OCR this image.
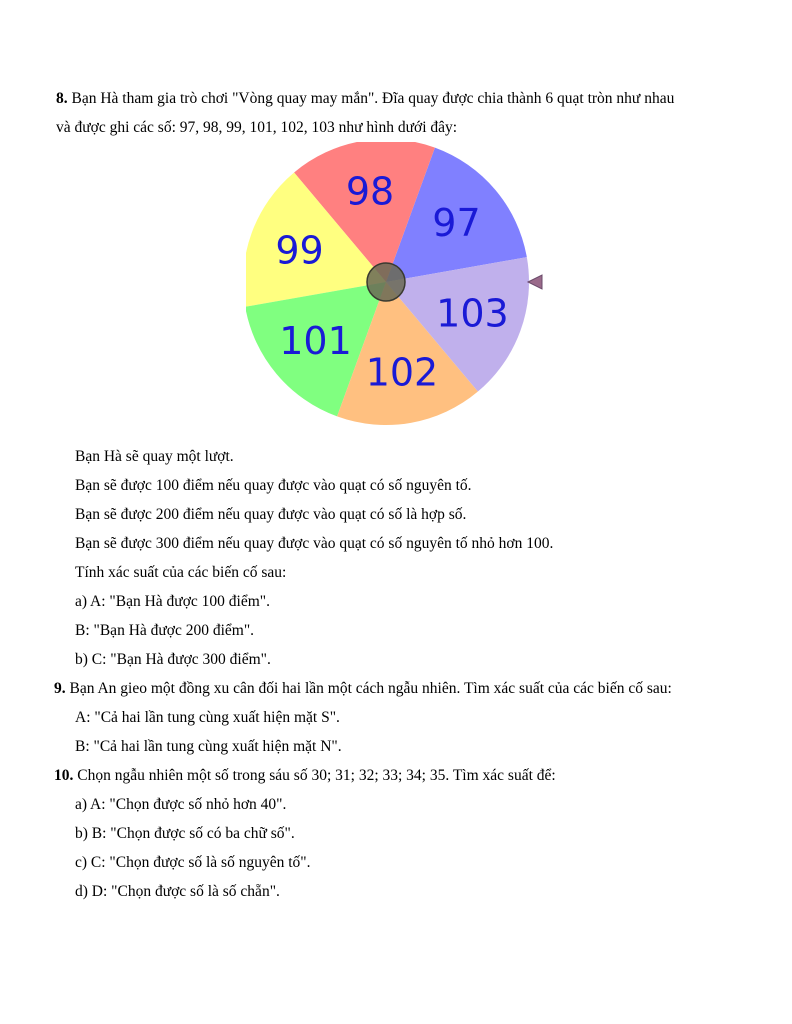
8. Bạn Hà tham gia trò chơi "Vòng quay may mắn". Đĩa quay được chia thành 6 quạt tròn như nhau
và được ghi các số: 97, 98, 99, 101, 102, 103 như hình dưới đây:
97
98
99
101
102
103
Bạn Hà sẽ quay một lượt.
Bạn sẽ được 100 điểm nếu quay được vào quạt có số nguyên tố.
Bạn sẽ được 200 điểm nếu quay được vào quạt có số là hợp số.
Bạn sẽ được 300 điểm nếu quay được vào quạt có số nguyên tố nhỏ hơn 100.
Tính xác suất của các biến cố sau:
a) A: "Bạn Hà được 100 điểm".
B: "Bạn Hà được 200 điểm".
b) C: "Bạn Hà được 300 điểm".
9. Bạn An gieo một đồng xu cân đối hai lần một cách ngẫu nhiên. Tìm xác suất của các biến cố sau:
A: "Cả hai lần tung cùng xuất hiện mặt S".
B: "Cả hai lần tung cùng xuất hiện mặt N".
10. Chọn ngẫu nhiên một số trong sáu số 30; 31; 32; 33; 34; 35. Tìm xác suất để:
a) A: "Chọn được số nhỏ hơn 40".
b) B: "Chọn được số có ba chữ số".
c) C: "Chọn được số là số nguyên tố".
d) D: "Chọn được số là số chẵn".
